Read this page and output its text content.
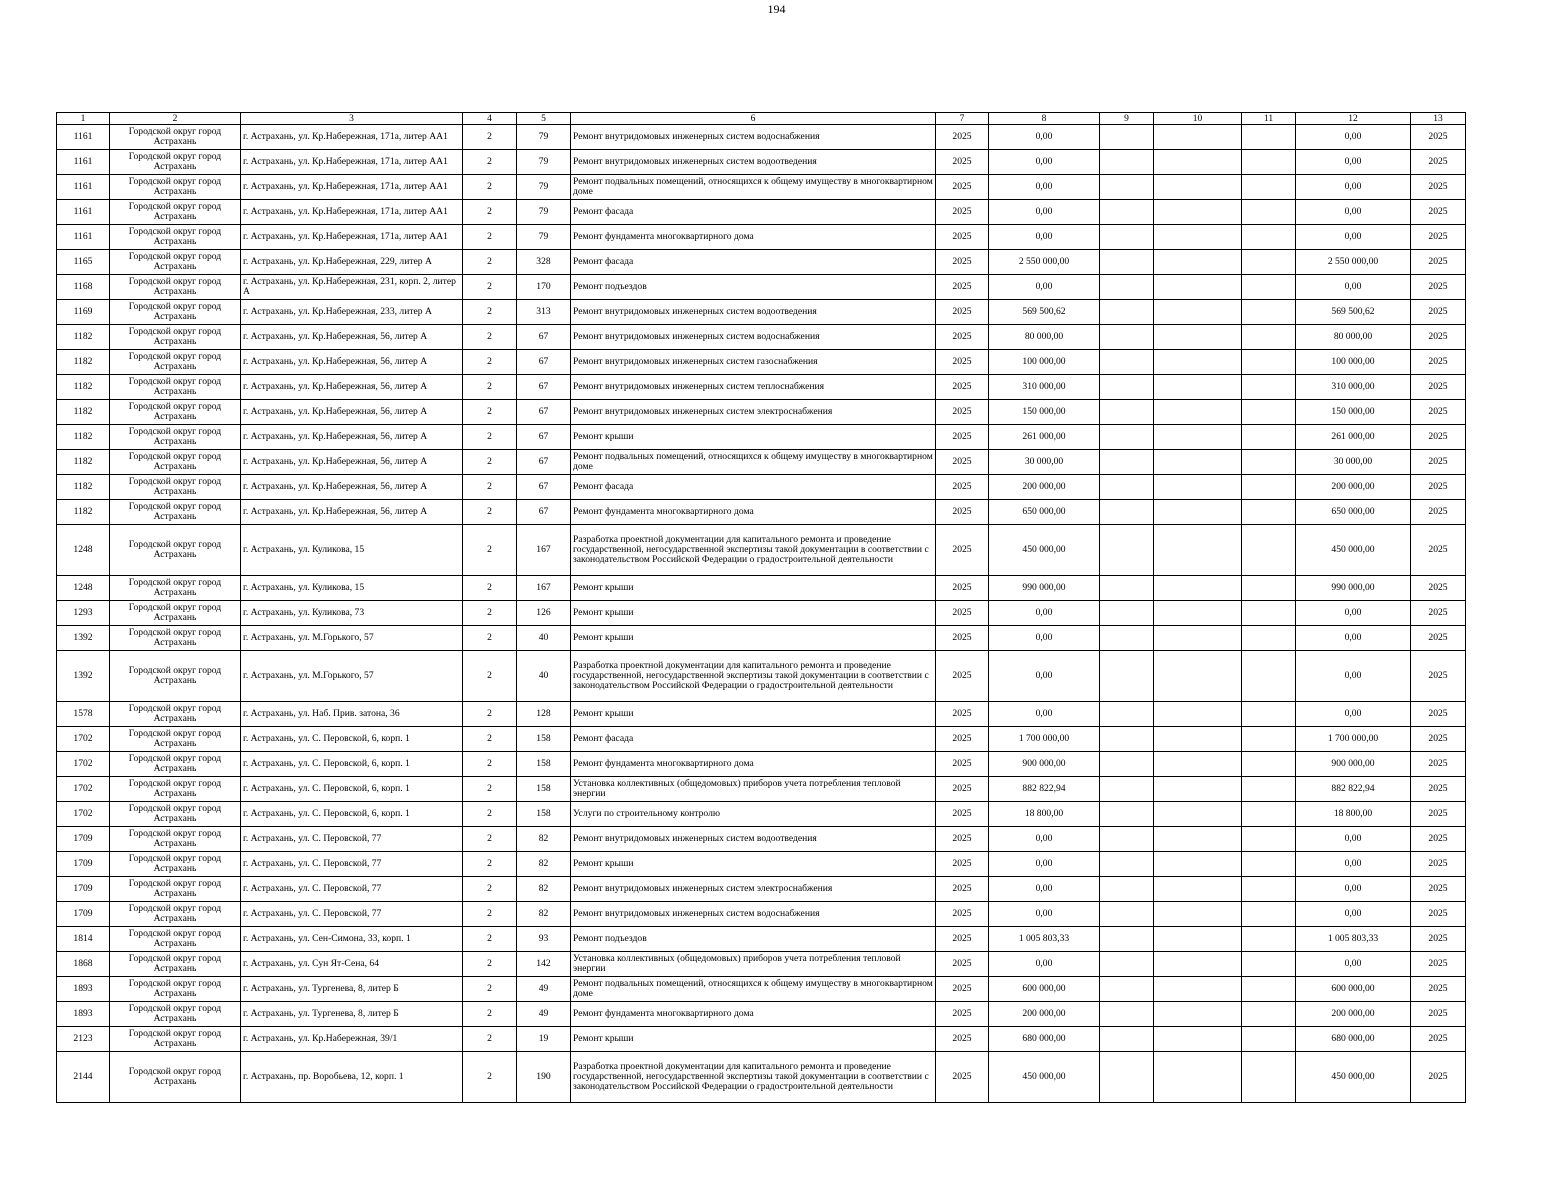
194
1	2	3	4	5	6	7	8	9	10	11	12	13
1161	Городской округ город Астрахань	г. Астрахань, ул. Кр.Набережная, 171а, литер АА1	2	79	Ремонт внутридомовых инженерных систем водоснабжения	2025	0,00				0,00	2025
1161	Городской округ город Астрахань	г. Астрахань, ул. Кр.Набережная, 171а, литер АА1	2	79	Ремонт внутридомовых инженерных систем водоотведения	2025	0,00				0,00	2025
1161	Городской округ город Астрахань	г. Астрахань, ул. Кр.Набережная, 171а, литер АА1	2	79	Ремонт подвальных помещений, относящихся к общему имуществу в многоквартирном доме	2025	0,00				0,00	2025
1161	Городской округ город Астрахань	г. Астрахань, ул. Кр.Набережная, 171а, литер АА1	2	79	Ремонт фасада	2025	0,00				0,00	2025
1161	Городской округ город Астрахань	г. Астрахань, ул. Кр.Набережная, 171а, литер АА1	2	79	Ремонт фундамента многоквартирного дома	2025	0,00				0,00	2025
1165	Городской округ город Астрахань	г. Астрахань, ул. Кр.Набережная, 229, литер А	2	328	Ремонт фасада	2025	2 550 000,00				2 550 000,00	2025
1168	Городской округ город Астрахань	г. Астрахань, ул. Кр.Набережная, 231, корп. 2, литер А	2	170	Ремонт подъездов	2025	0,00				0,00	2025
1169	Городской округ город Астрахань	г. Астрахань, ул. Кр.Набережная, 233, литер А	2	313	Ремонт внутридомовых инженерных систем водоотведения	2025	569 500,62				569 500,62	2025
1182	Городской округ город Астрахань	г. Астрахань, ул. Кр.Набережная, 56, литер А	2	67	Ремонт внутридомовых инженерных систем водоснабжения	2025	80 000,00				80 000,00	2025
1182	Городской округ город Астрахань	г. Астрахань, ул. Кр.Набережная, 56, литер А	2	67	Ремонт внутридомовых инженерных систем газоснабжения	2025	100 000,00				100 000,00	2025
1182	Городской округ город Астрахань	г. Астрахань, ул. Кр.Набережная, 56, литер А	2	67	Ремонт внутридомовых инженерных систем теплоснабжения	2025	310 000,00				310 000,00	2025
1182	Городской округ город Астрахань	г. Астрахань, ул. Кр.Набережная, 56, литер А	2	67	Ремонт внутридомовых инженерных систем электроснабжения	2025	150 000,00				150 000,00	2025
1182	Городской округ город Астрахань	г. Астрахань, ул. Кр.Набережная, 56, литер А	2	67	Ремонт крыши	2025	261 000,00				261 000,00	2025
1182	Городской округ город Астрахань	г. Астрахань, ул. Кр.Набережная, 56, литер А	2	67	Ремонт подвальных помещений, относящихся к общему имуществу в многоквартирном доме	2025	30 000,00				30 000,00	2025
1182	Городской округ город Астрахань	г. Астрахань, ул. Кр.Набережная, 56, литер А	2	67	Ремонт фасада	2025	200 000,00				200 000,00	2025
1182	Городской округ город Астрахань	г. Астрахань, ул. Кр.Набережная, 56, литер А	2	67	Ремонт фундамента многоквартирного дома	2025	650 000,00				650 000,00	2025
1248	Городской округ город Астрахань	г. Астрахань, ул. Куликова, 15	2	167	Разработка проектной документации для капитального ремонта и проведение государственной, негосударственной экспертизы такой документации в соответствии с законодательством Российской Федерации о градостроительной деятельности	2025	450 000,00				450 000,00	2025
1248	Городской округ город Астрахань	г. Астрахань, ул. Куликова, 15	2	167	Ремонт крыши	2025	990 000,00				990 000,00	2025
1293	Городской округ город Астрахань	г. Астрахань, ул. Куликова, 73	2	126	Ремонт крыши	2025	0,00				0,00	2025
1392	Городской округ город Астрахань	г. Астрахань, ул. М.Горького, 57	2	40	Ремонт крыши	2025	0,00				0,00	2025
1392	Городской округ город Астрахань	г. Астрахань, ул. М.Горького, 57	2	40	Разработка проектной документации для капитального ремонта и проведение государственной, негосударственной экспертизы такой документации в соответствии с законодательством Российской Федерации о градостроительной деятельности	2025	0,00				0,00	2025
1578	Городской округ город Астрахань	г. Астрахань, ул. Наб. Прив. затона, 36	2	128	Ремонт крыши	2025	0,00				0,00	2025
1702	Городской округ город Астрахань	г. Астрахань, ул. С. Перовской, 6, корп. 1	2	158	Ремонт фасада	2025	1 700 000,00				1 700 000,00	2025
1702	Городской округ город Астрахань	г. Астрахань, ул. С. Перовской, 6, корп. 1	2	158	Ремонт фундамента многоквартирного дома	2025	900 000,00				900 000,00	2025
1702	Городской округ город Астрахань	г. Астрахань, ул. С. Перовской, 6, корп. 1	2	158	Установка коллективных (общедомовых) приборов учета потребления тепловой энергии	2025	882 822,94				882 822,94	2025
1702	Городской округ город Астрахань	г. Астрахань, ул. С. Перовской, 6, корп. 1	2	158	Услуги по строительному контролю	2025	18 800,00				18 800,00	2025
1709	Городской округ город Астрахань	г. Астрахань, ул. С. Перовской, 77	2	82	Ремонт внутридомовых инженерных систем водоотведения	2025	0,00				0,00	2025
1709	Городской округ город Астрахань	г. Астрахань, ул. С. Перовской, 77	2	82	Ремонт крыши	2025	0,00				0,00	2025
1709	Городской округ город Астрахань	г. Астрахань, ул. С. Перовской, 77	2	82	Ремонт внутридомовых инженерных систем электроснабжения	2025	0,00				0,00	2025
1709	Городской округ город Астрахань	г. Астрахань, ул. С. Перовской, 77	2	82	Ремонт внутридомовых инженерных систем водоснабжения	2025	0,00				0,00	2025
1814	Городской округ город Астрахань	г. Астрахань, ул. Сен-Симона, 33, корп. 1	2	93	Ремонт подъездов	2025	1 005 803,33				1 005 803,33	2025
1868	Городской округ город Астрахань	г. Астрахань, ул. Сун Ят-Сена, 64	2	142	Установка коллективных (общедомовых) приборов учета потребления тепловой энергии	2025	0,00				0,00	2025
1893	Городской округ город Астрахань	г. Астрахань, ул. Тургенева, 8, литер Б	2	49	Ремонт подвальных помещений, относящихся к общему имуществу в многоквартирном доме	2025	600 000,00				600 000,00	2025
1893	Городской округ город Астрахань	г. Астрахань, ул. Тургенева, 8, литер Б	2	49	Ремонт фундамента многоквартирного дома	2025	200 000,00				200 000,00	2025
2123	Городской округ город Астрахань	г. Астрахань, ул. Кр.Набережная, 39/1	2	19	Ремонт крыши	2025	680 000,00				680 000,00	2025
2144	Городской округ город Астрахань	г. Астрахань, пр. Воробьева, 12, корп. 1	2	190	Разработка проектной документации для капитального ремонта и проведение государственной, негосударственной экспертизы такой документации в соответствии с законодательством Российской Федерации о градостроительной деятельности	2025	450 000,00				450 000,00	2025
